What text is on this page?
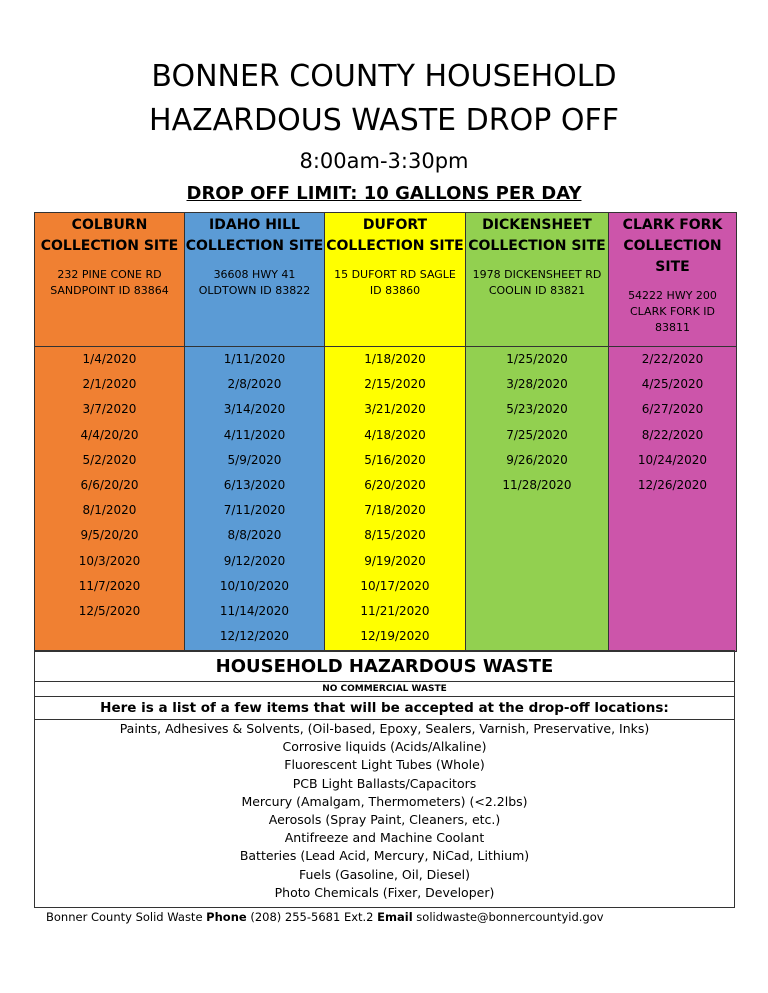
BONNER COUNTY HOUSEHOLD
HAZARDOUS WASTE DROP OFF
8:00am-3:30pm
DROP OFF LIMIT: 10 GALLONS PER DAY
COLBURN COLLECTION SITE
232 PINE CONE RD SANDPOINT ID 83864
1/4/2020
2/1/2020
3/7/2020
4/4/20/20
5/2/2020
6/6/20/20
8/1/2020
9/5/20/20
10/3/2020
11/7/2020
12/5/2020
IDAHO HILL COLLECTION SITE
36608 HWY 41 OLDTOWN ID 83822
1/11/2020
2/8/2020
3/14/2020
4/11/2020
5/9/2020
6/13/2020
7/11/2020
8/8/2020
9/12/2020
10/10/2020
11/14/2020
12/12/2020
DUFORT COLLECTION SITE
15 DUFORT RD SAGLE ID 83860
1/18/2020
2/15/2020
3/21/2020
4/18/2020
5/16/2020
6/20/2020
7/18/2020
8/15/2020
9/19/2020
10/17/2020
11/21/2020
12/19/2020
DICKENSHEET COLLECTION SITE
1978 DICKENSHEET RD COOLIN ID 83821
1/25/2020
3/28/2020
5/23/2020
7/25/2020
9/26/2020
11/28/2020
CLARK FORK COLLECTION SITE
54222 HWY 200 CLARK FORK ID 83811
2/22/2020
4/25/2020
6/27/2020
8/22/2020
10/24/2020
12/26/2020
HOUSEHOLD HAZARDOUS WASTE
NO COMMERCIAL WASTE
Here is a list of a few items that will be accepted at the drop-off locations:
Paints, Adhesives & Solvents, (Oil-based, Epoxy, Sealers, Varnish, Preservative, Inks)
Corrosive liquids (Acids/Alkaline)
Fluorescent Light Tubes (Whole)
PCB Light Ballasts/Capacitors
Mercury (Amalgam, Thermometers) (<2.2lbs)
Aerosols (Spray Paint, Cleaners, etc.)
Antifreeze and Machine Coolant
Batteries (Lead Acid, Mercury, NiCad, Lithium)
Fuels (Gasoline, Oil, Diesel)
Photo Chemicals (Fixer, Developer)
Bonner County Solid Waste Phone (208) 255-5681 Ext.2 Email solidwaste@bonnercountyid.gov
